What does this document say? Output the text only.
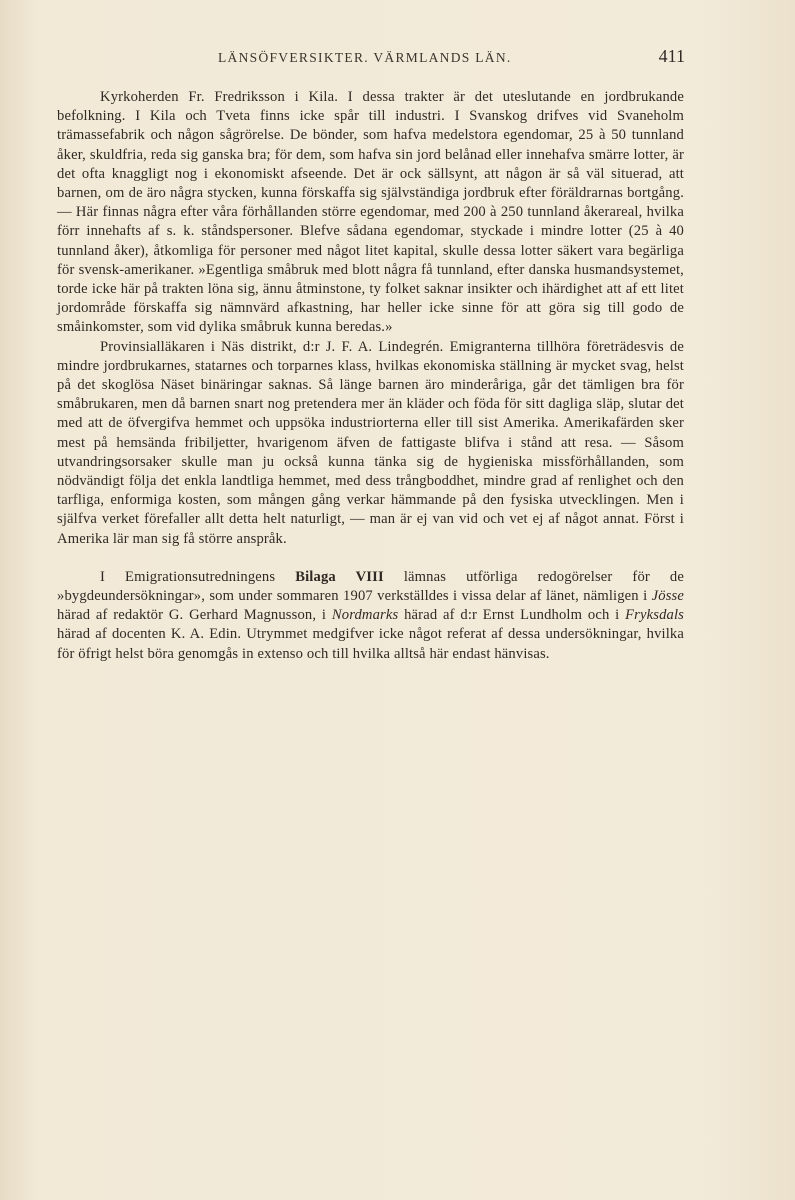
LÄNSÖFVERSIKTER. VÄRMLANDS LÄN.	411

Kyrkoherden Fr. Fredriksson i Kila. I dessa trakter är det uteslutande en jordbrukande befolkning. I Kila och Tveta finns icke spår till industri. I Svanskog drifves vid Svaneholm trämassefabrik och någon sågrörelse. De bönder, som hafva medelstora egendomar, 25 à 50 tunnland åker, skuldfria, reda sig ganska bra; för dem, som hafva sin jord belånad eller innehafva smärre lotter, är det ofta knaggligt nog i ekonomiskt afseende. Det är ock sällsynt, att någon är så väl situerad, att barnen, om de äro några stycken, kunna förskaffa sig självständiga jordbruk efter föräldrarnas bortgång. — Här finnas några efter våra förhållanden större egendomar, med 200 à 250 tunnland åkerareal, hvilka förr innehafts af s. k. ståndspersoner. Blefve sådana egendomar, styckade i mindre lotter (25 à 40 tunnland åker), åtkomliga för personer med något litet kapital, skulle dessa lotter säkert vara begärliga för svensk-amerikaner. »Egentliga småbruk med blott några få tunnland, efter danska husmandsystemet, torde icke här på trakten löna sig, ännu åtminstone, ty folket saknar insikter och ihärdighet att af ett litet jordområde förskaffa sig nämnvärd afkastning, har heller icke sinne för att göra sig till godo de småinkomster, som vid dylika småbruk kunna beredas.»

Provinsialläkaren i Näs distrikt, d:r J. F. A. Lindegrén. Emigranterna tillhöra företrädesvis de mindre jordbrukarnes, statarnes och torparnes klass, hvilkas ekonomiska ställning är mycket svag, helst på det skoglösa Näset binäringar saknas. Så länge barnen äro minderåriga, går det tämligen bra för småbrukaren, men då barnen snart nog pretendera mer än kläder och föda för sitt dagliga släp, slutar det med att de öfvergifva hemmet och uppsöka industriorterna eller till sist Amerika. Amerikafärden sker mest på hemsända fribiljetter, hvarigenom äfven de fattigaste blifva i stånd att resa. — Såsom utvandringsorsaker skulle man ju också kunna tänka sig de hygieniska missförhållanden, som nödvändigt följa det enkla landtliga hemmet, med dess trångboddhet, mindre grad af renlighet och den tarfliga, enformiga kosten, som mången gång verkar hämmande på den fysiska utvecklingen. Men i själfva verket förefaller allt detta helt naturligt, — man är ej van vid och vet ej af något annat. Först i Amerika lär man sig få större anspråk.

I Emigrationsutredningens Bilaga VIII lämnas utförliga redogörelser för de »bygdeundersökningar», som under sommaren 1907 verkställdes i vissa delar af länet, nämligen i Jösse härad af redaktör G. Gerhard Magnusson, i Nordmarks härad af d:r Ernst Lundholm och i Fryksdals härad af docenten K. A. Edin. Utrymmet medgifver icke något referat af dessa undersökningar, hvilka för öfrigt helst böra genomgås in extenso och till hvilka alltså här endast hänvisas.
